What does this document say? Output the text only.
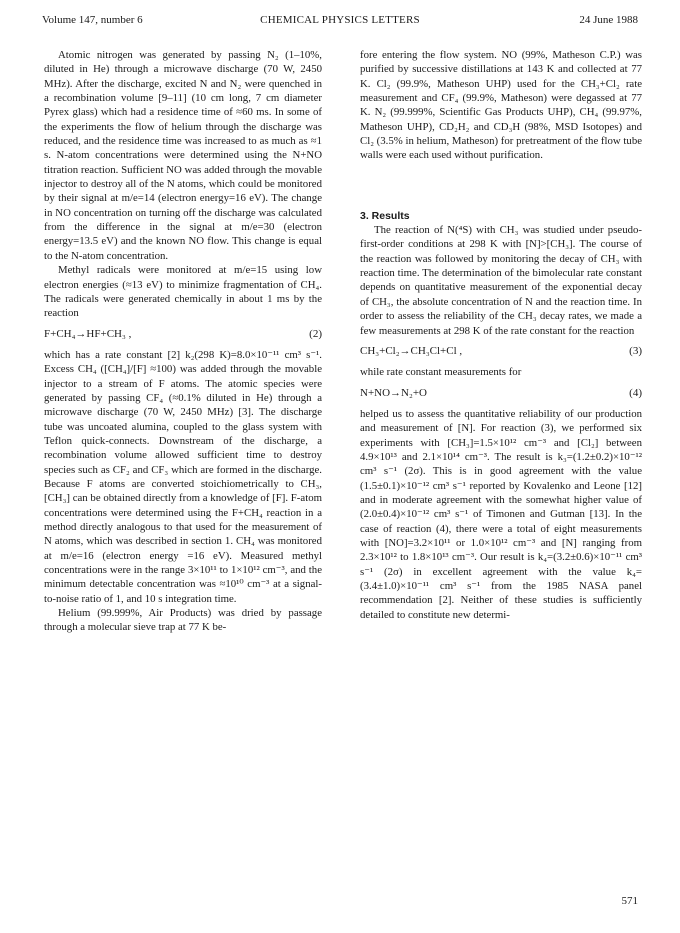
Volume 147, number 6	CHEMICAL PHYSICS LETTERS	24 June 1988

Atomic nitrogen was generated by passing N₂ (1–10%, diluted in He) through a microwave discharge (70 W, 2450 MHz). After the discharge, excited N and N₂ were quenched in a recombination volume [9–11] (10 cm long, 7 cm diameter Pyrex glass) which had a residence time of ≈60 ms. In some of the experiments the flow of helium through the discharge was reduced, and the residence time was increased to as much as ≈1 s. N-atom concentrations were determined using the N+NO titration reaction. Sufficient NO was added through the movable injector to destroy all of the N atoms, which could be monitored by their signal at m/e=14 (electron energy=16 eV). The change in NO concentration on turning off the discharge was calculated from the difference in the signal at m/e=30 (electron energy=13.5 eV) and the known NO flow. This change is equal to the N-atom concentration.

Methyl radicals were monitored at m/e=15 using low electron energies (≈13 eV) to minimize fragmentation of CH₄. The radicals were generated chemically in about 1 ms by the reaction

F+CH₄→HF+CH₃ ,	(2)

which has a rate constant [2] k₂(298 K)=8.0×10⁻¹¹ cm³ s⁻¹. Excess CH₄ ([CH₄]/[F] ≈100) was added through the movable injector to a stream of F atoms. The atomic species were generated by passing CF₄ (≈0.1% diluted in He) through a microwave discharge (70 W, 2450 MHz) [3]. The discharge tube was uncoated alumina, coupled to the glass system with Teflon quick-connects. Downstream of the discharge, a recombination volume allowed sufficient time to destroy species such as CF₂ and CF₃ which are formed in the discharge. Because F atoms are converted stoichiometrically to CH₃, [CH₃] can be obtained directly from a knowledge of [F]. F-atom concentrations were determined using the F+CH₄ reaction in a method directly analogous to that used for the measurement of N atoms, which was described in section 1. CH₄ was monitored at m/e=16 (electron energy =16 eV). Measured methyl concentrations were in the range 3×10¹¹ to 1×10¹² cm⁻³, and the minimum detectable concentration was ≈10¹⁰ cm⁻³ at a signal-to-noise ratio of 1, and 10 s integration time.

Helium (99.999%, Air Products) was dried by passage through a molecular sieve trap at 77 K be-

fore entering the flow system. NO (99%, Matheson C.P.) was purified by successive distillations at 143 K and collected at 77 K. Cl₂ (99.9%, Matheson UHP) used for the CH₃+Cl₂ rate measurement and CF₄ (99.9%, Matheson) were degassed at 77 K. N₂ (99.999%, Scientific Gas Products UHP), CH₄ (99.97%, Matheson UHP), CD₂H₂ and CD₃H (98%, MSD Isotopes) and Cl₂ (3.5% in helium, Matheson) for pretreatment of the flow tube walls were each used without purification.

3. Results

The reaction of N(⁴S) with CH₃ was studied under pseudo-first-order conditions at 298 K with [N]>[CH₃]. The course of the reaction was followed by monitoring the decay of CH₃ with reaction time. The determination of the bimolecular rate constant depends on quantitative measurement of the exponential decay of CH₃, the absolute concentration of N and the reaction time. In order to assess the reliability of the CH₃ decay rates, we made a few measurements at 298 K of the rate constant for the reaction

CH₃+Cl₂→CH₃Cl+Cl ,	(3)

while rate constant measurements for

N+NO→N₂+O	(4)

helped us to assess the quantitative reliability of our production and measurement of [N]. For reaction (3), we performed six experiments with [CH₃]=1.5×10¹² cm⁻³ and [Cl₂] between 4.9×10¹³ and 2.1×10¹⁴ cm⁻³. The result is k₃=(1.2±0.2)×10⁻¹² cm³ s⁻¹ (2σ). This is in good agreement with the value (1.5±0.1)×10⁻¹² cm³ s⁻¹ reported by Kovalenko and Leone [12] and in moderate agreement with the somewhat higher value of (2.0±0.4)×10⁻¹² cm³ s⁻¹ of Timonen and Gutman [13]. In the case of reaction (4), there were a total of eight measurements with [NO]=3.2×10¹¹ or 1.0×10¹² cm⁻³ and [N] ranging from 2.3×10¹² to 1.8×10¹³ cm⁻³. Our result is k₄=(3.2±0.6)×10⁻¹¹ cm³ s⁻¹ (2σ) in excellent agreement with the value k₄=(3.4±1.0)×10⁻¹¹ cm³ s⁻¹ from the 1985 NASA panel recommendation [2]. Neither of these studies is sufficiently detailed to constitute new determi-

571
